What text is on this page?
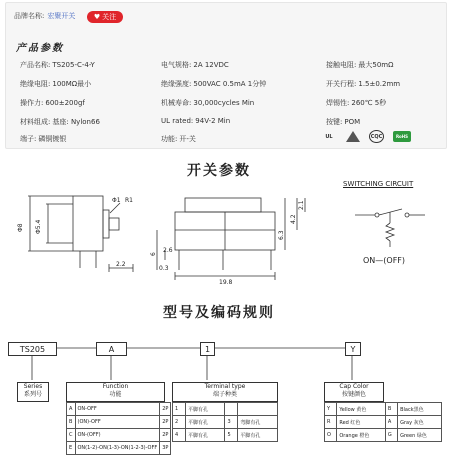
品牌名称: 宏聚开关	♥ 关注
产品参数
产品名称: TS205-C-4-Y	电气规格: 2A 12VDC	接触电阻: 最大50mΩ
绝缘电阻: 100MΩ最小	绝缘强度: 500VAC 0.5mA 1分钟	开关行程: 1.5±0.2mm
操作力: 600±200gf	机械寿命: 30,000cycles Min	焊锡性: 260℃ 5秒
材料组成: 基座: Nylon66	UL rated: 94V-2 Min	按键: POM
端子: 磷铜镀银	功能: 开-关	UL	CQC	RoHS
开关参数
Φ8 Φ5.4
Φ1 R1
2.2
6.3
4.2
2.1
6
2.6
0.3
19.8
SWITCHING CIRCUIT
ON—(OFF)
型号及编码规则
TS205	A	1	Y
Series
系列号
Function
功能
A	ON-OFF	2P
B	(ON)-OFF	2P
C	ON-(OFF)	2P
E	ON(1-2)-ON(1-3)-ON(1-2-3)-OFF	3P
Terminal type
端子种类
1	平脚有孔		
2	平脚有孔	3	弯脚有孔
4	平脚有孔	5	平脚有孔
Cap Color
按键颜色
Y	Yellow 黄色	B	Black黑色
R	Red 红色	A	Gray 灰色
O	Orange 橙色	G	Green 绿色
